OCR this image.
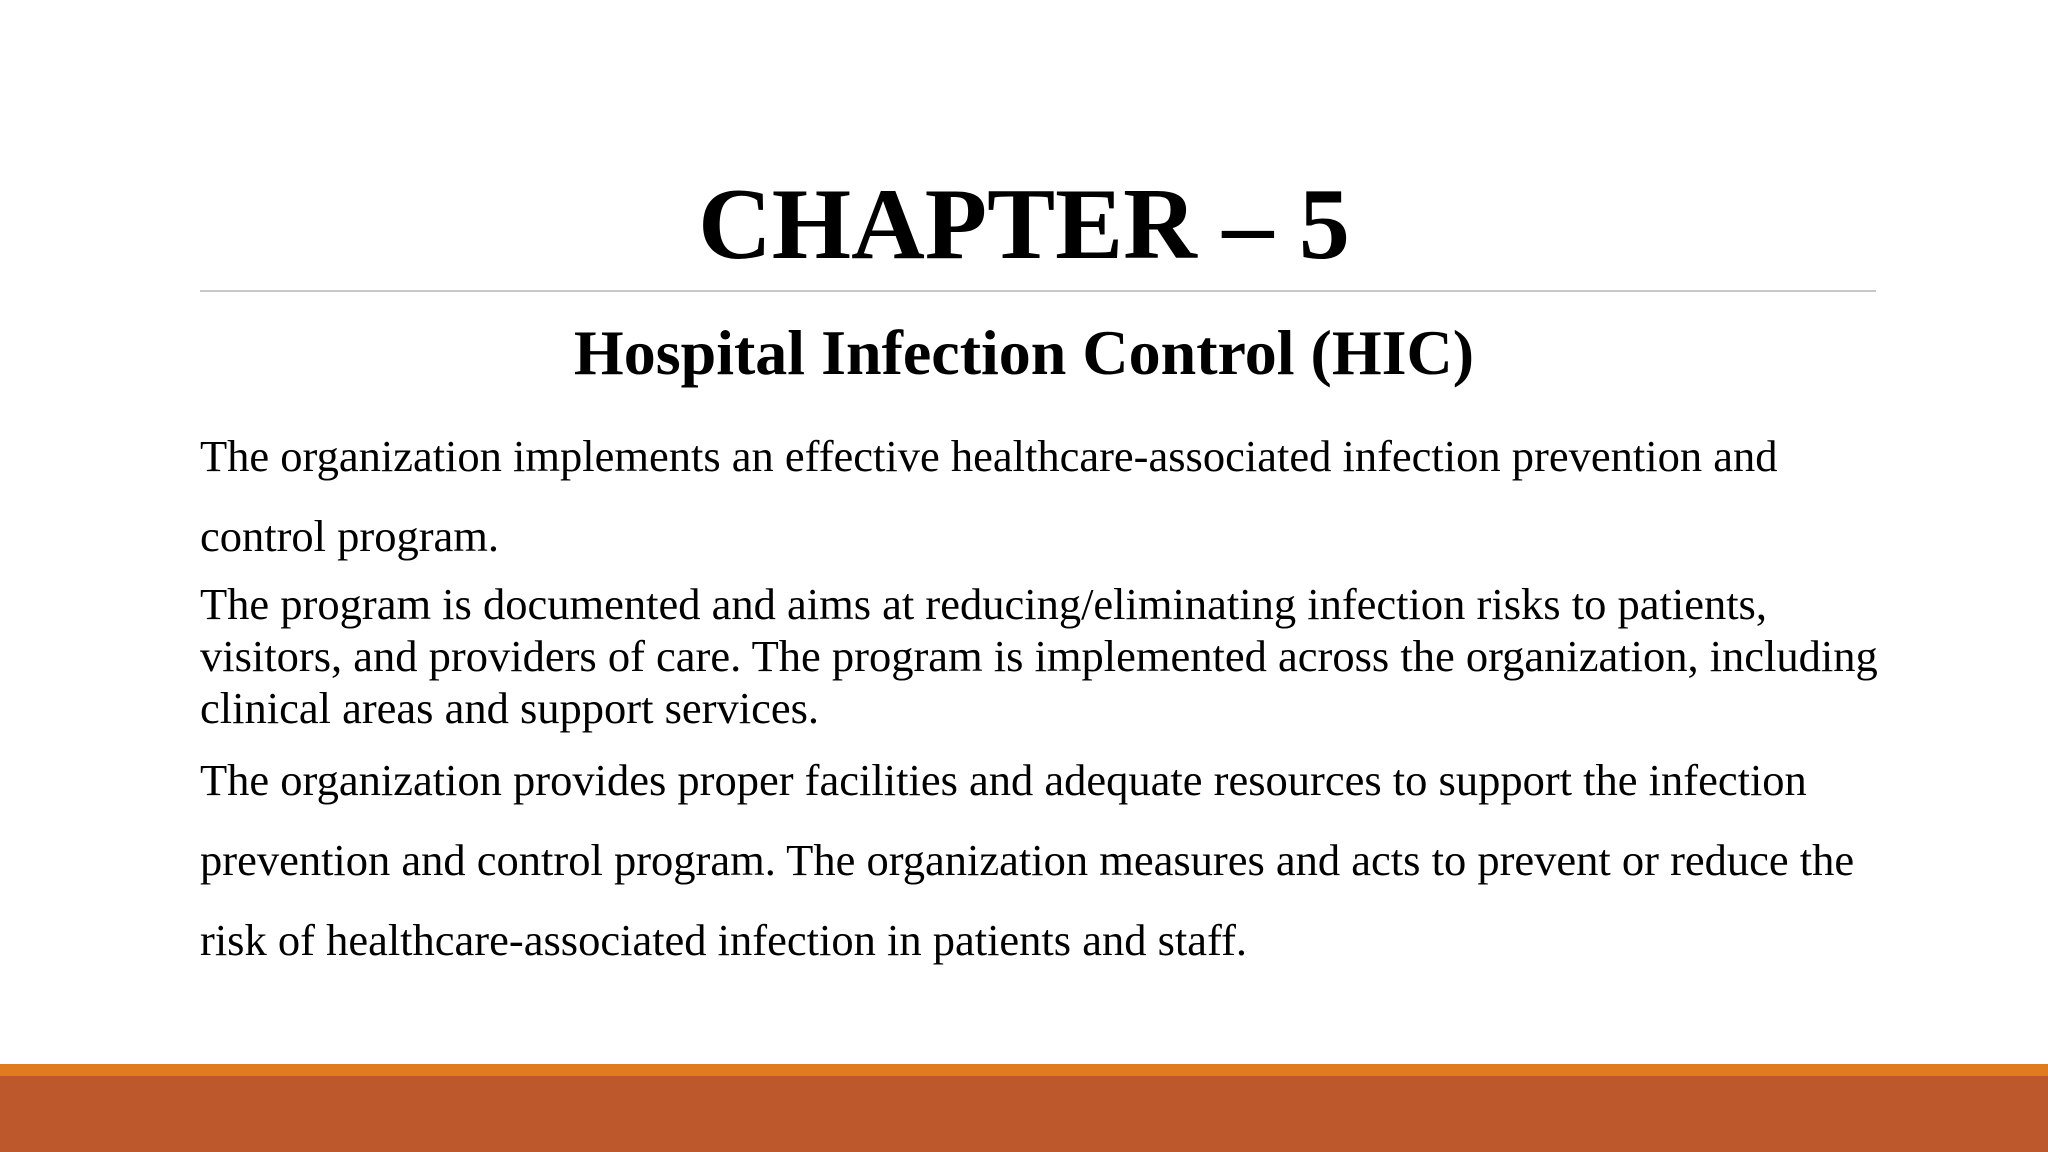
CHAPTER – 5
Hospital Infection Control (HIC)

The organization implements an effective healthcare-associated infection prevention and control program.

The program is documented and aims at reducing/eliminating infection risks to patients, visitors, and providers of care. The program is implemented across the organization, including clinical areas and support services.

The organization provides proper facilities and adequate resources to support the infection prevention and control program. The organization measures and acts to prevent or reduce the risk of healthcare-associated infection in patients and staff.
